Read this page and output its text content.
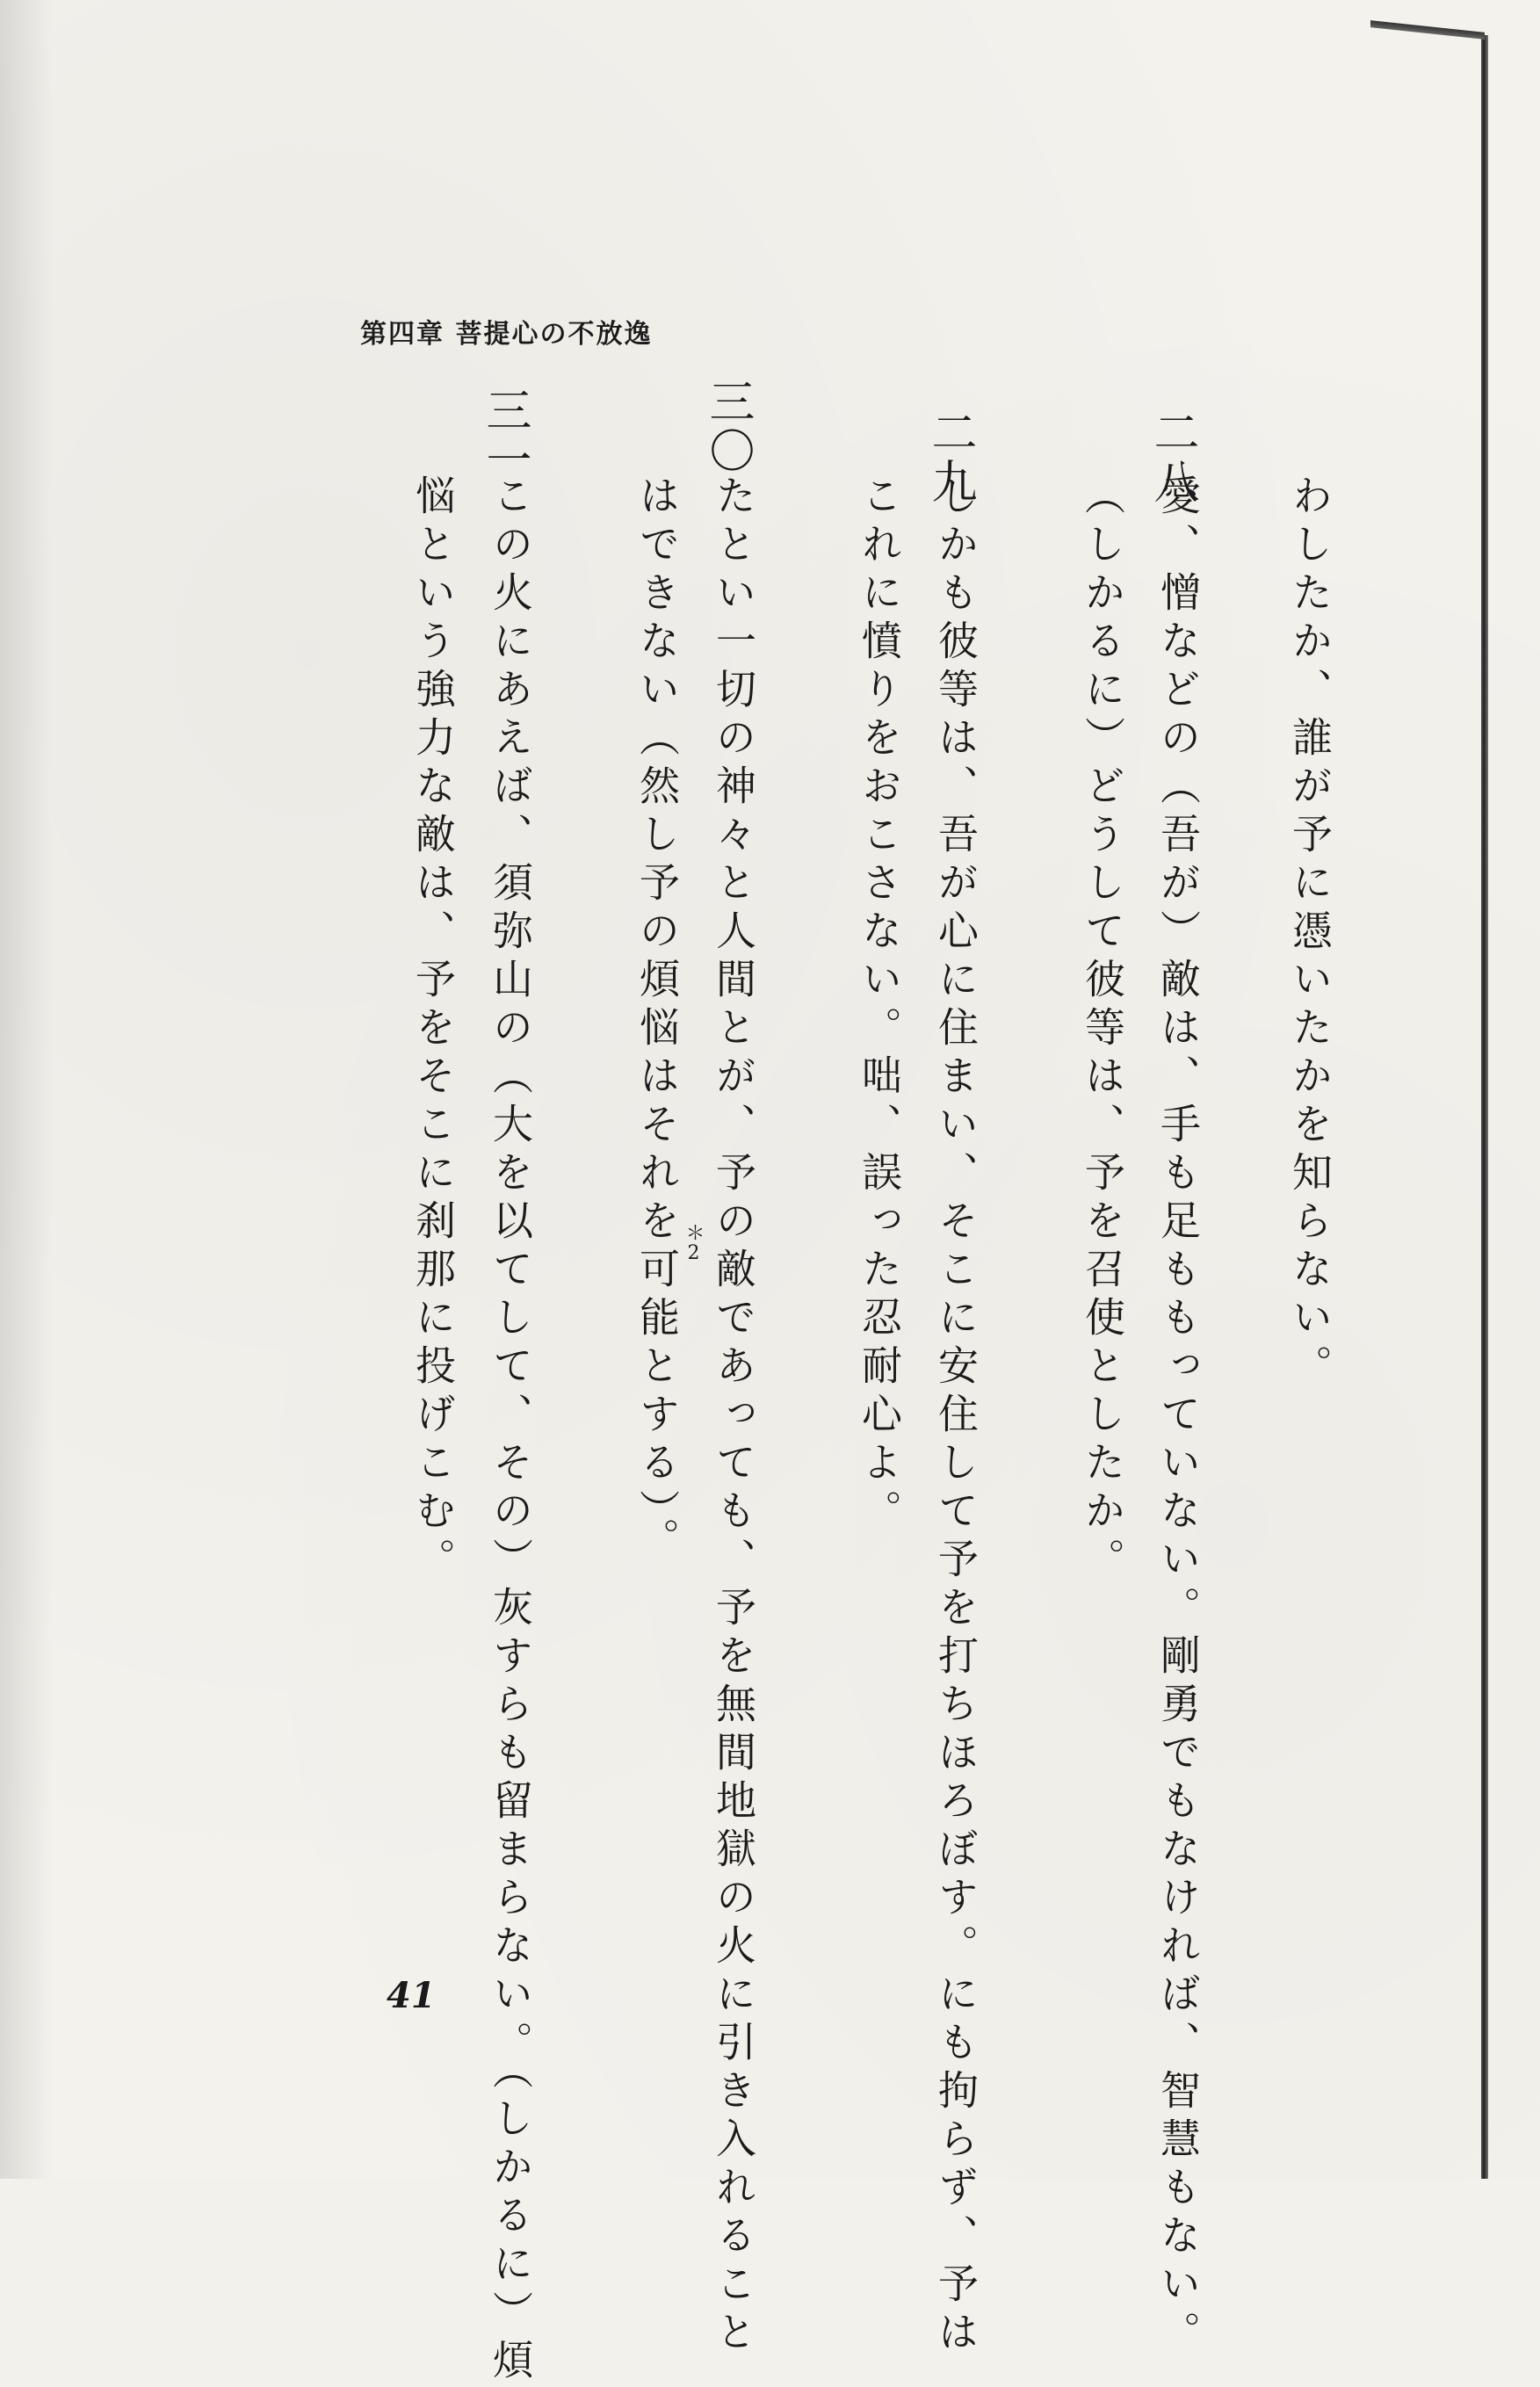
第四章 菩提心の不放逸
わしたか、誰が予に憑いたかを知らない。
二八
愛、憎などの（吾が）敵は、手も足ももっていない。剛勇でもなければ、智慧もない。
（しかるに）どうして彼等は、予を召使としたか。
二九
しかも彼等は、吾が心に住まい、そこに安住して予を打ちほろぼす。にも拘らず、予は
これに憤りをおこさない。咄、誤った忍耐心よ。
三〇
たとい一切の神々と人間とが、予の敵であっても、予を無間地獄の火に引き入れること
はできない（然し予の煩悩はそれを可能とする）。 ＊2
三一
この火にあえば、須弥山の（大を以てして、その）灰すらも留まらない。（しかるに）煩
悩という強力な敵は、予をそこに刹那に投げこむ。
41
